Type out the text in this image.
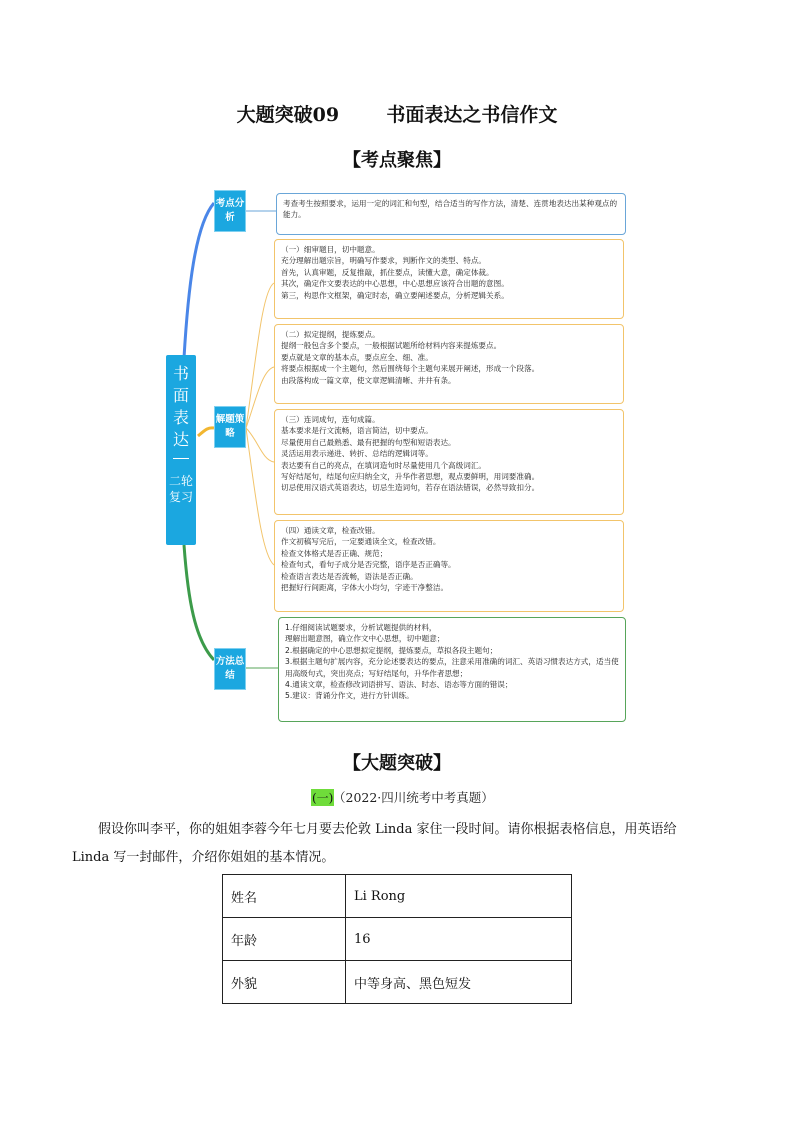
大题突破09 书面表达之书信作文
【考点聚焦】
书面表达
二轮复习
考点分析
解题策略
方法总结
考查考生按照要求，运用一定的词汇和句型，结合适当的写作方法，清楚、连贯地表达出某种观点的能力。
（一）细审题目，切中题意。
充分理解出题宗旨，明确写作要求，判断作文的类型、特点。
首先，认真审题，反复推敲，抓住要点，读懂大意，确定体裁。
其次，确定作文要表达的中心思想，中心思想应该符合出题的意图。
第三，构思作文框架，确定时态，确立要阐述要点，分析逻辑关系。
（二）拟定提纲，提炼要点。
提纲一般包含多个要点，一般根据试题所给材料内容来提炼要点。
要点就是文章的基本点，要点应全、细、准。
将要点根据成一个主题句，然后围绕每个主题句来展开阐述，形成一个段落。
由段落构成一篇文章，使文章逻辑清晰、井井有条。
（三）连词成句，连句成篇。
基本要求是行文流畅，语言简洁，切中要点。
尽量使用自己最熟悉、最有把握的句型和短语表达。
灵活运用表示递进、转折、总结的逻辑词等。
表达要有自己的亮点，在填词造句时尽量使用几个高级词汇。
写好结尾句，结尾句应归纳全文，升华作者思想，观点要鲜明，用词要准确。
切忌使用汉语式英语表达，切忌生造词句，若存在语法错误，必然导致扣分。
（四）通读文章，检查改错。
作文初稿写完后，一定要通读全文，检查改错。
检查文体格式是否正确、规范；
检查句式，看句子成分是否完整，语序是否正确等。
检查语言表达是否流畅，语法是否正确。
把握好行间距离，字体大小均匀，字迹干净整洁。
1.仔细阅读试题要求，分析试题提供的材料，
理解出题意图，确立作文中心思想，切中题意；
2.根据确定的中心思想拟定提纲，提炼要点，草拟各段主题句；
3.根据主题句扩展内容，充分论述要表达的要点，注意采用准确的词汇、英语习惯表达方式，适当使用高级句式，突出亮点；写好结尾句，升华作者思想；
4.通读文章，检查修改词语拼写、语法、时态、语态等方面的错误；
5.建议：背诵分作文，进行方针训练。
【大题突破】
(一) （2022·四川统考中考真题）
假设你叫李平，你的姐姐李蓉今年七月要去伦敦 Linda 家住一段时间。请你根据表格信息，用英语给
Linda 写一封邮件，介绍你姐姐的基本情况。
姓名	Li Rong
年龄	16
外貌	中等身高、黑色短发
